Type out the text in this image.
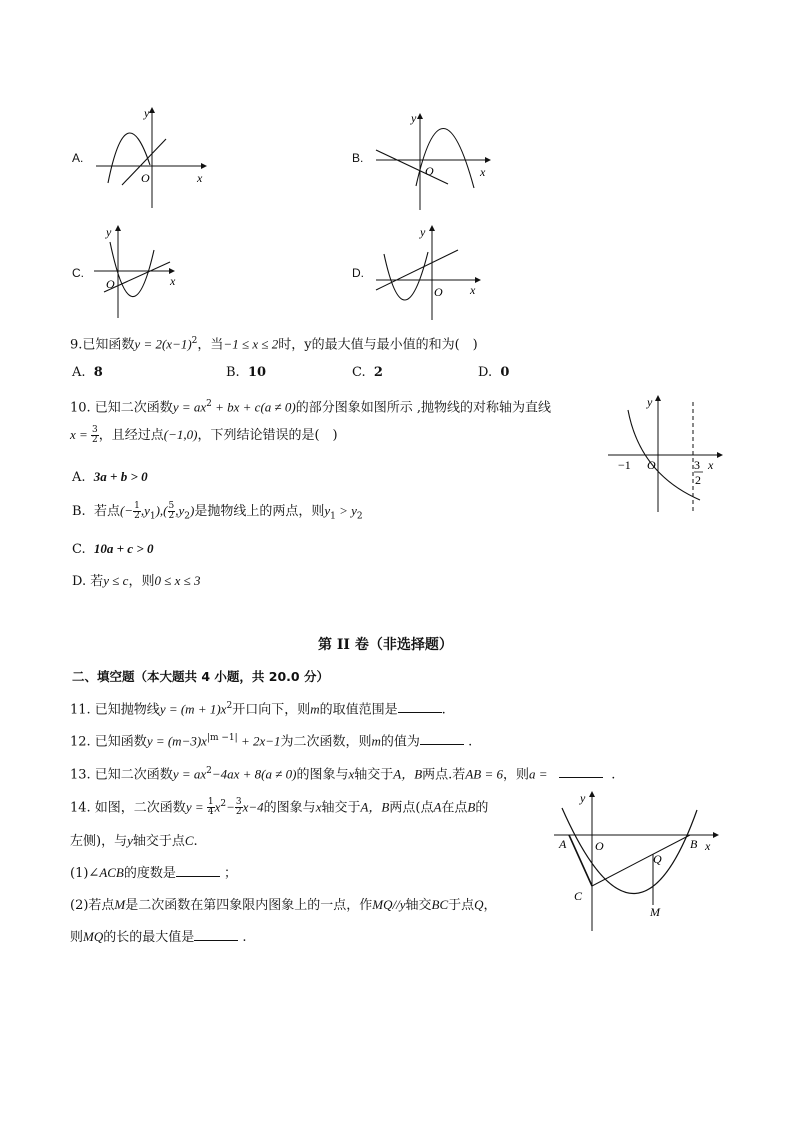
A.
y
x
O
B.
y
x
O
C.
y
x
O
D.
y
x
O
9.已知函数$y = 2(x-1)^2$，当−1 ≤ x ≤ 2时，y的最大值与最小值的和为(　)
A. 8	B. 10	C. 2	D. 0
10. 已知二次函数$y = ax^2$ + bx + c(a ≠ 0)的部分图象如图所示 ,抛物线的对称轴为直线
$x = \frac{3}{2}$ ，且经过点(−1,0)，下列结论错误的是(　)
A. 3a + b > 0
B. 若点(− $\frac{1}{2} ,y_1),( \frac{5}{2} ,y_2)$是抛物线上的两点，则$y_1 > y_2$
C. 10a + c > 0
D. 若y ≤ c，则0 ≤ x ≤ 3
y
x
O
−1	3
2
第 II 卷（非选择题）
二、填空题（本大题共 4 小题，共 20.0 分）
11. 已知抛物线$y = (m + 1)x^2$开口向下，则m的取值范围是	.
12. 已知函数$y = (m-3)x^{|m -1|} + 2x-1$为二次函数，则m的值为	.
13. 已知二次函数$y = ax^2-4ax + 8(a \ne 0)$的图象与x轴交于A，B两点.若AB = 6，则a =	.
14. 如图，二次函数$y = \frac{1}{4} x^2- \frac{3}{2} x-4$的图象与x轴交于A，B两点(点A在点B的
左侧)，与y轴交于点C.
(1)∠ACB的度数是	；
(2)若点M是二次函数在第四象限内图象上的一点，作MQ//y轴交BC于点Q，
则MQ的长的最大值是	.
y
x
O
A	B
C
Q
M
